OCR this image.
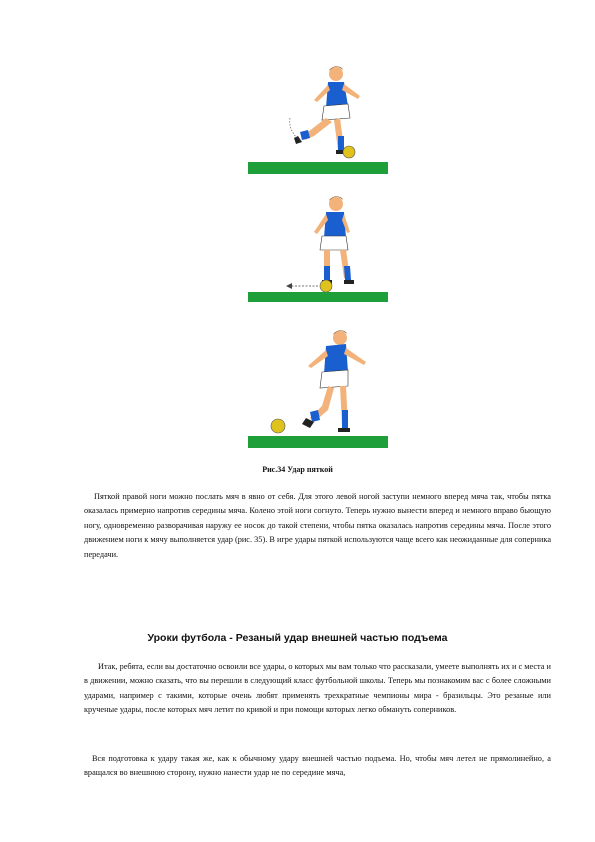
Рис.34 Удар пяткой

Пяткой правой ноги можно послать мяч в явно от себя. Для этого левой ногой заступи немного вперед мяча так, чтобы пятка оказалась примерно напротив середины мяча. Колено этой ноги согнуто. Теперь нужно вынести вперед и немного вправо бьющую ногу, одновременно разворачивая наружу ее носок до такой степени, чтобы пятка оказалась напротив середины мяча. После этого движением ноги к мячу выполняется удар (рис. 35). В игре удары пяткой используются чаще всего как неожиданные для соперника передачи.

Уроки футбола - Резаный удар внешней частью подъема

Итак, ребята, если вы достаточно освоили все удары, о которых мы вам только что рассказали, умеете выполнять их и с места и в движении, можно сказать, что вы перешли в следующий класс футбольной школы. Теперь мы познакомим вас с более сложными ударами, например с такими, которые очень любят применять трехкратные чемпионы мира - бразильцы. Это резаные или крученые удары, после которых мяч летит по кривой и при помощи которых легко обмануть соперников.

Вся подготовка к удару такая же, как к обычному удару внешней частью подъема. Но, чтобы мяч летел не прямолинейно, а вращался во внешнюю сторону, нужно нанести удар не по середине мяча,
